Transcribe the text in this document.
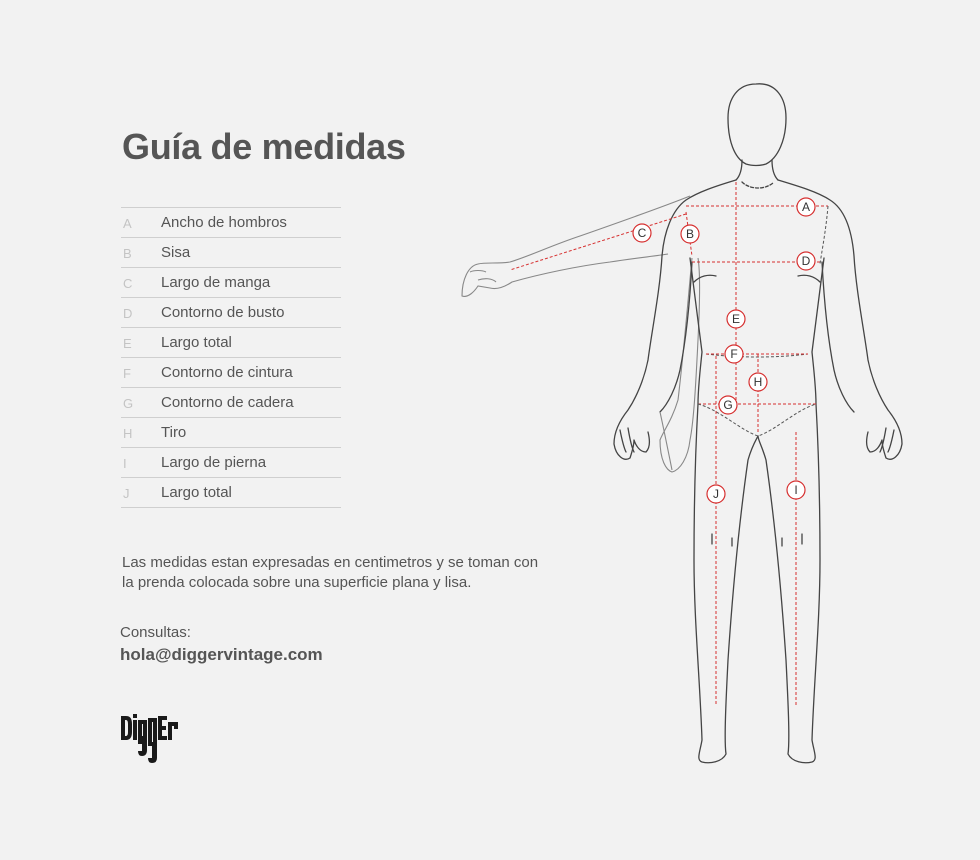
Guía de medidas
A Ancho de hombros
B Sisa
C Largo de manga
D Contorno de busto
E Largo total
F Contorno de cintura
G Contorno de cadera
H Tiro
I Largo de pierna
J Largo total

Las medidas estan expresadas en centimetros y se toman con la prenda colocada sobre una superficie plana y lisa.

Consultas:
hola@diggervintage.com
A
B
C
D
E
F
G
H
I
J
